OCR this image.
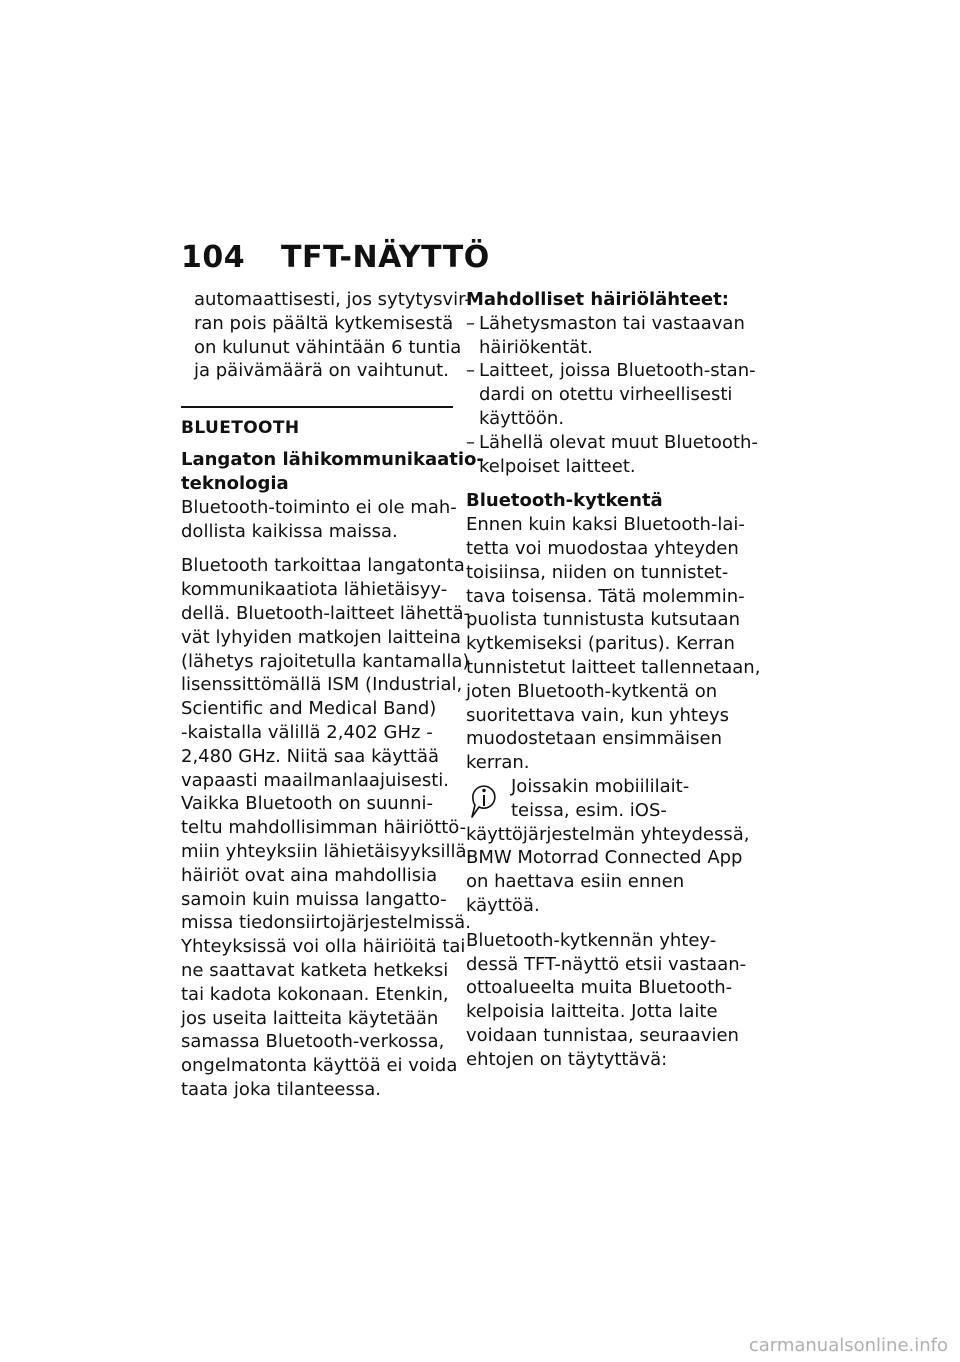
104 TFT-NÄYTTÖ
automaattisesti, jos sytytysvir-
ran pois päältä kytkemisestä
on kulunut vähintään 6 tuntia
ja päivämäärä on vaihtunut.
BLUETOOTH
Langaton lähikommunikaatio-
teknologia
Bluetooth-toiminto ei ole mah-
dollista kaikissa maissa.
Bluetooth tarkoittaa langatonta
kommunikaatiota lähietäisyy-
dellä. Bluetooth-laitteet lähettä-
vät lyhyiden matkojen laitteina
(lähetys rajoitetulla kantamalla)
lisenssittömällä ISM (Industrial,
Scientific and Medical Band)
-kaistalla välillä 2,402 GHz -
2,480 GHz. Niitä saa käyttää
vapaasti maailmanlaajuisesti.
Vaikka Bluetooth on suunni-
teltu mahdollisimman häiriöttö-
miin yhteyksiin lähietäisyyksillä,
häiriöt ovat aina mahdollisia
samoin kuin muissa langatto-
missa tiedonsiirtojärjestelmissä.
Yhteyksissä voi olla häiriöitä tai
ne saattavat katketa hetkeksi
tai kadota kokonaan. Etenkin,
jos useita laitteita käytetään
samassa Bluetooth-verkossa,
ongelmatonta käyttöä ei voida
taata joka tilanteessa.
Mahdolliset häiriölähteet:
– Lähetysmaston tai vastaavan
häiriökentät.
– Laitteet, joissa Bluetooth-stan-
dardi on otettu virheellisesti
käyttöön.
– Lähellä olevat muut Bluetooth-
kelpoiset laitteet.
Bluetooth-kytkentä
Ennen kuin kaksi Bluetooth-lai-
tetta voi muodostaa yhteyden
toisiinsa, niiden on tunnistet-
tava toisensa. Tätä molemmin-
puolista tunnistusta kutsutaan
kytkemiseksi (paritus). Kerran
tunnistetut laitteet tallennetaan,
joten Bluetooth-kytkentä on
suoritettava vain, kun yhteys
muodostetaan ensimmäisen
kerran.
Joissakin mobiililait-
teissa, esim. iOS-
käyttöjärjestelmän yhteydessä,
BMW Motorrad Connected App
on haettava esiin ennen
käyttöä.
Bluetooth-kytkennän yhtey-
dessä TFT-näyttö etsii vastaan-
ottoalueelta muita Bluetooth-
kelpoisia laitteita. Jotta laite
voidaan tunnistaa, seuraavien
ehtojen on täytyttävä:
carmanualsonline.info
